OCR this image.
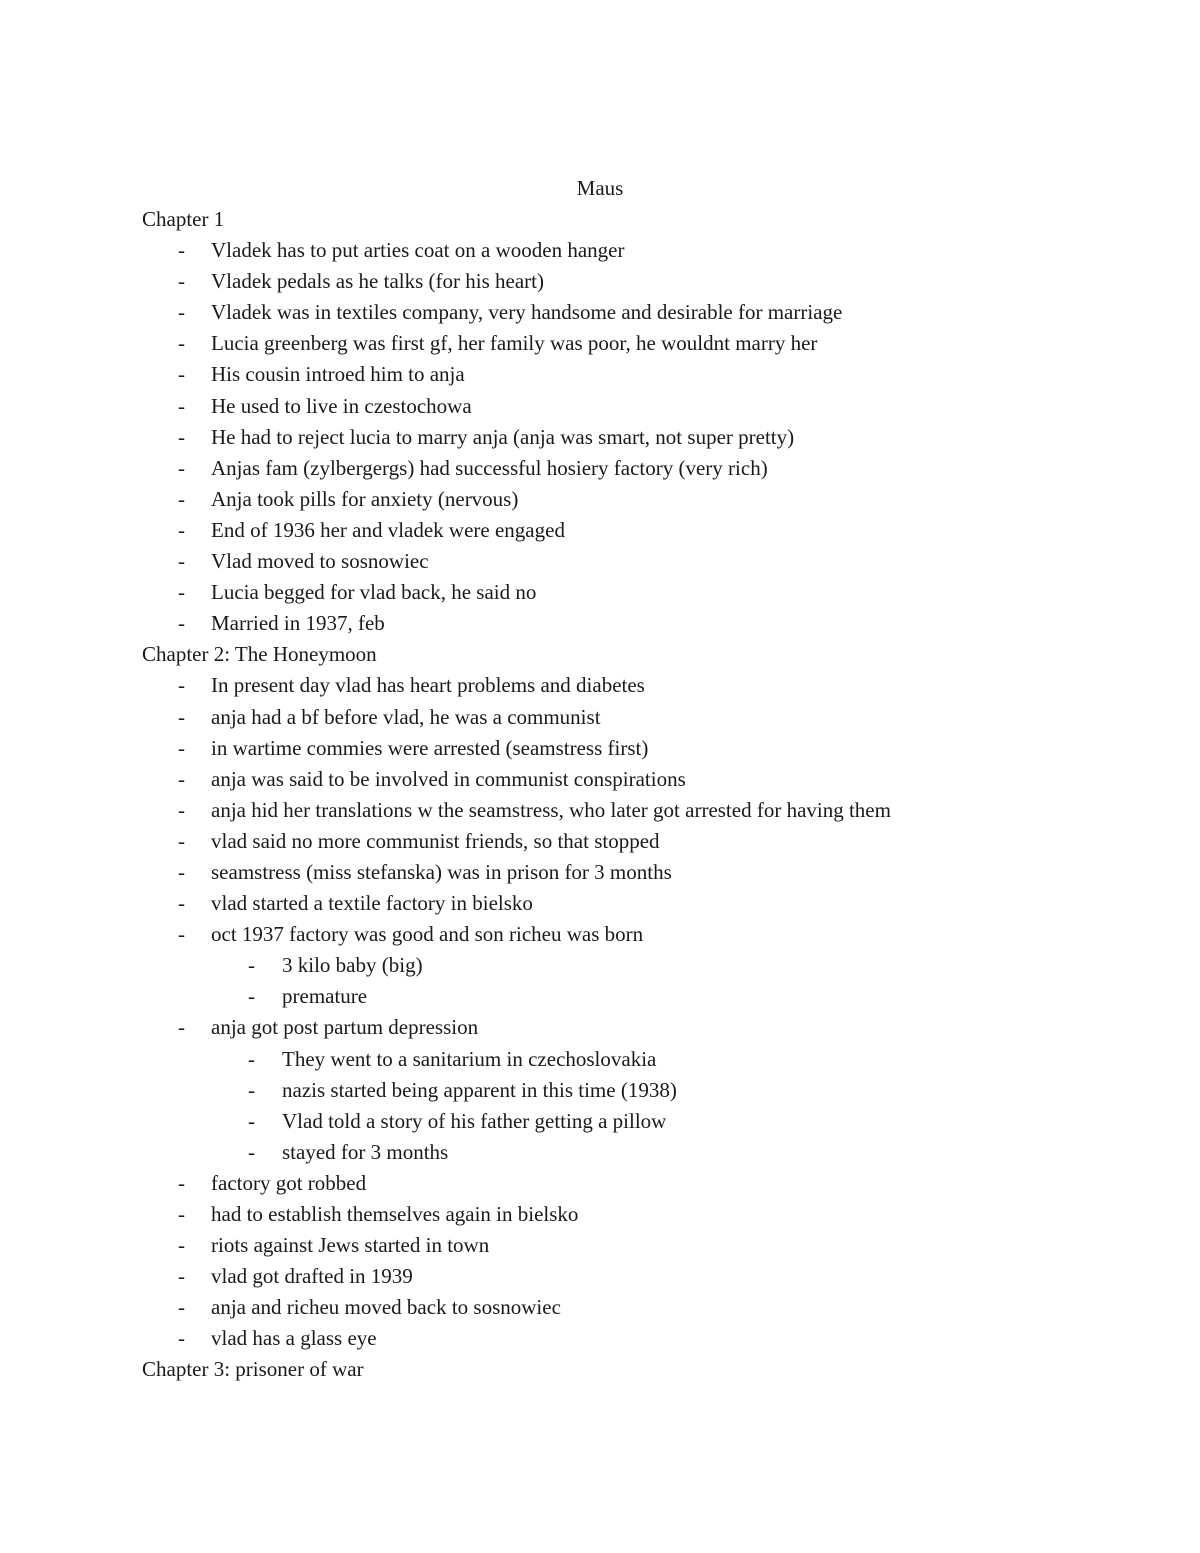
Maus
Chapter 1
- Vladek has to put arties coat on a wooden hanger
- Vladek pedals as he talks (for his heart)
- Vladek was in textiles company, very handsome and desirable for marriage
- Lucia greenberg was first gf, her family was poor, he wouldnt marry her
- His cousin introed him to anja
- He used to live in czestochowa
- He had to reject lucia to marry anja (anja was smart, not super pretty)
- Anjas fam (zylbergergs) had successful hosiery factory (very rich)
- Anja took pills for anxiety (nervous)
- End of 1936 her and vladek were engaged
- Vlad moved to sosnowiec
- Lucia begged for vlad back, he said no
- Married in 1937, feb
Chapter 2: The Honeymoon
- In present day vlad has heart problems and diabetes
- anja had a bf before vlad, he was a communist
- in wartime commies were arrested (seamstress first)
- anja was said to be involved in communist conspirations
- anja hid her translations w the seamstress, who later got arrested for having them
- vlad said no more communist friends, so that stopped
- seamstress (miss stefanska) was in prison for 3 months
- vlad started a textile factory in bielsko
- oct 1937 factory was good and son richeu was born
- 3 kilo baby (big)
- premature
- anja got post partum depression
- They went to a sanitarium in czechoslovakia
- nazis started being apparent in this time (1938)
- Vlad told a story of his father getting a pillow
- stayed for 3 months
- factory got robbed
- had to establish themselves again in bielsko
- riots against Jews started in town
- vlad got drafted in 1939
- anja and richeu moved back to sosnowiec
- vlad has a glass eye
Chapter 3: prisoner of war
